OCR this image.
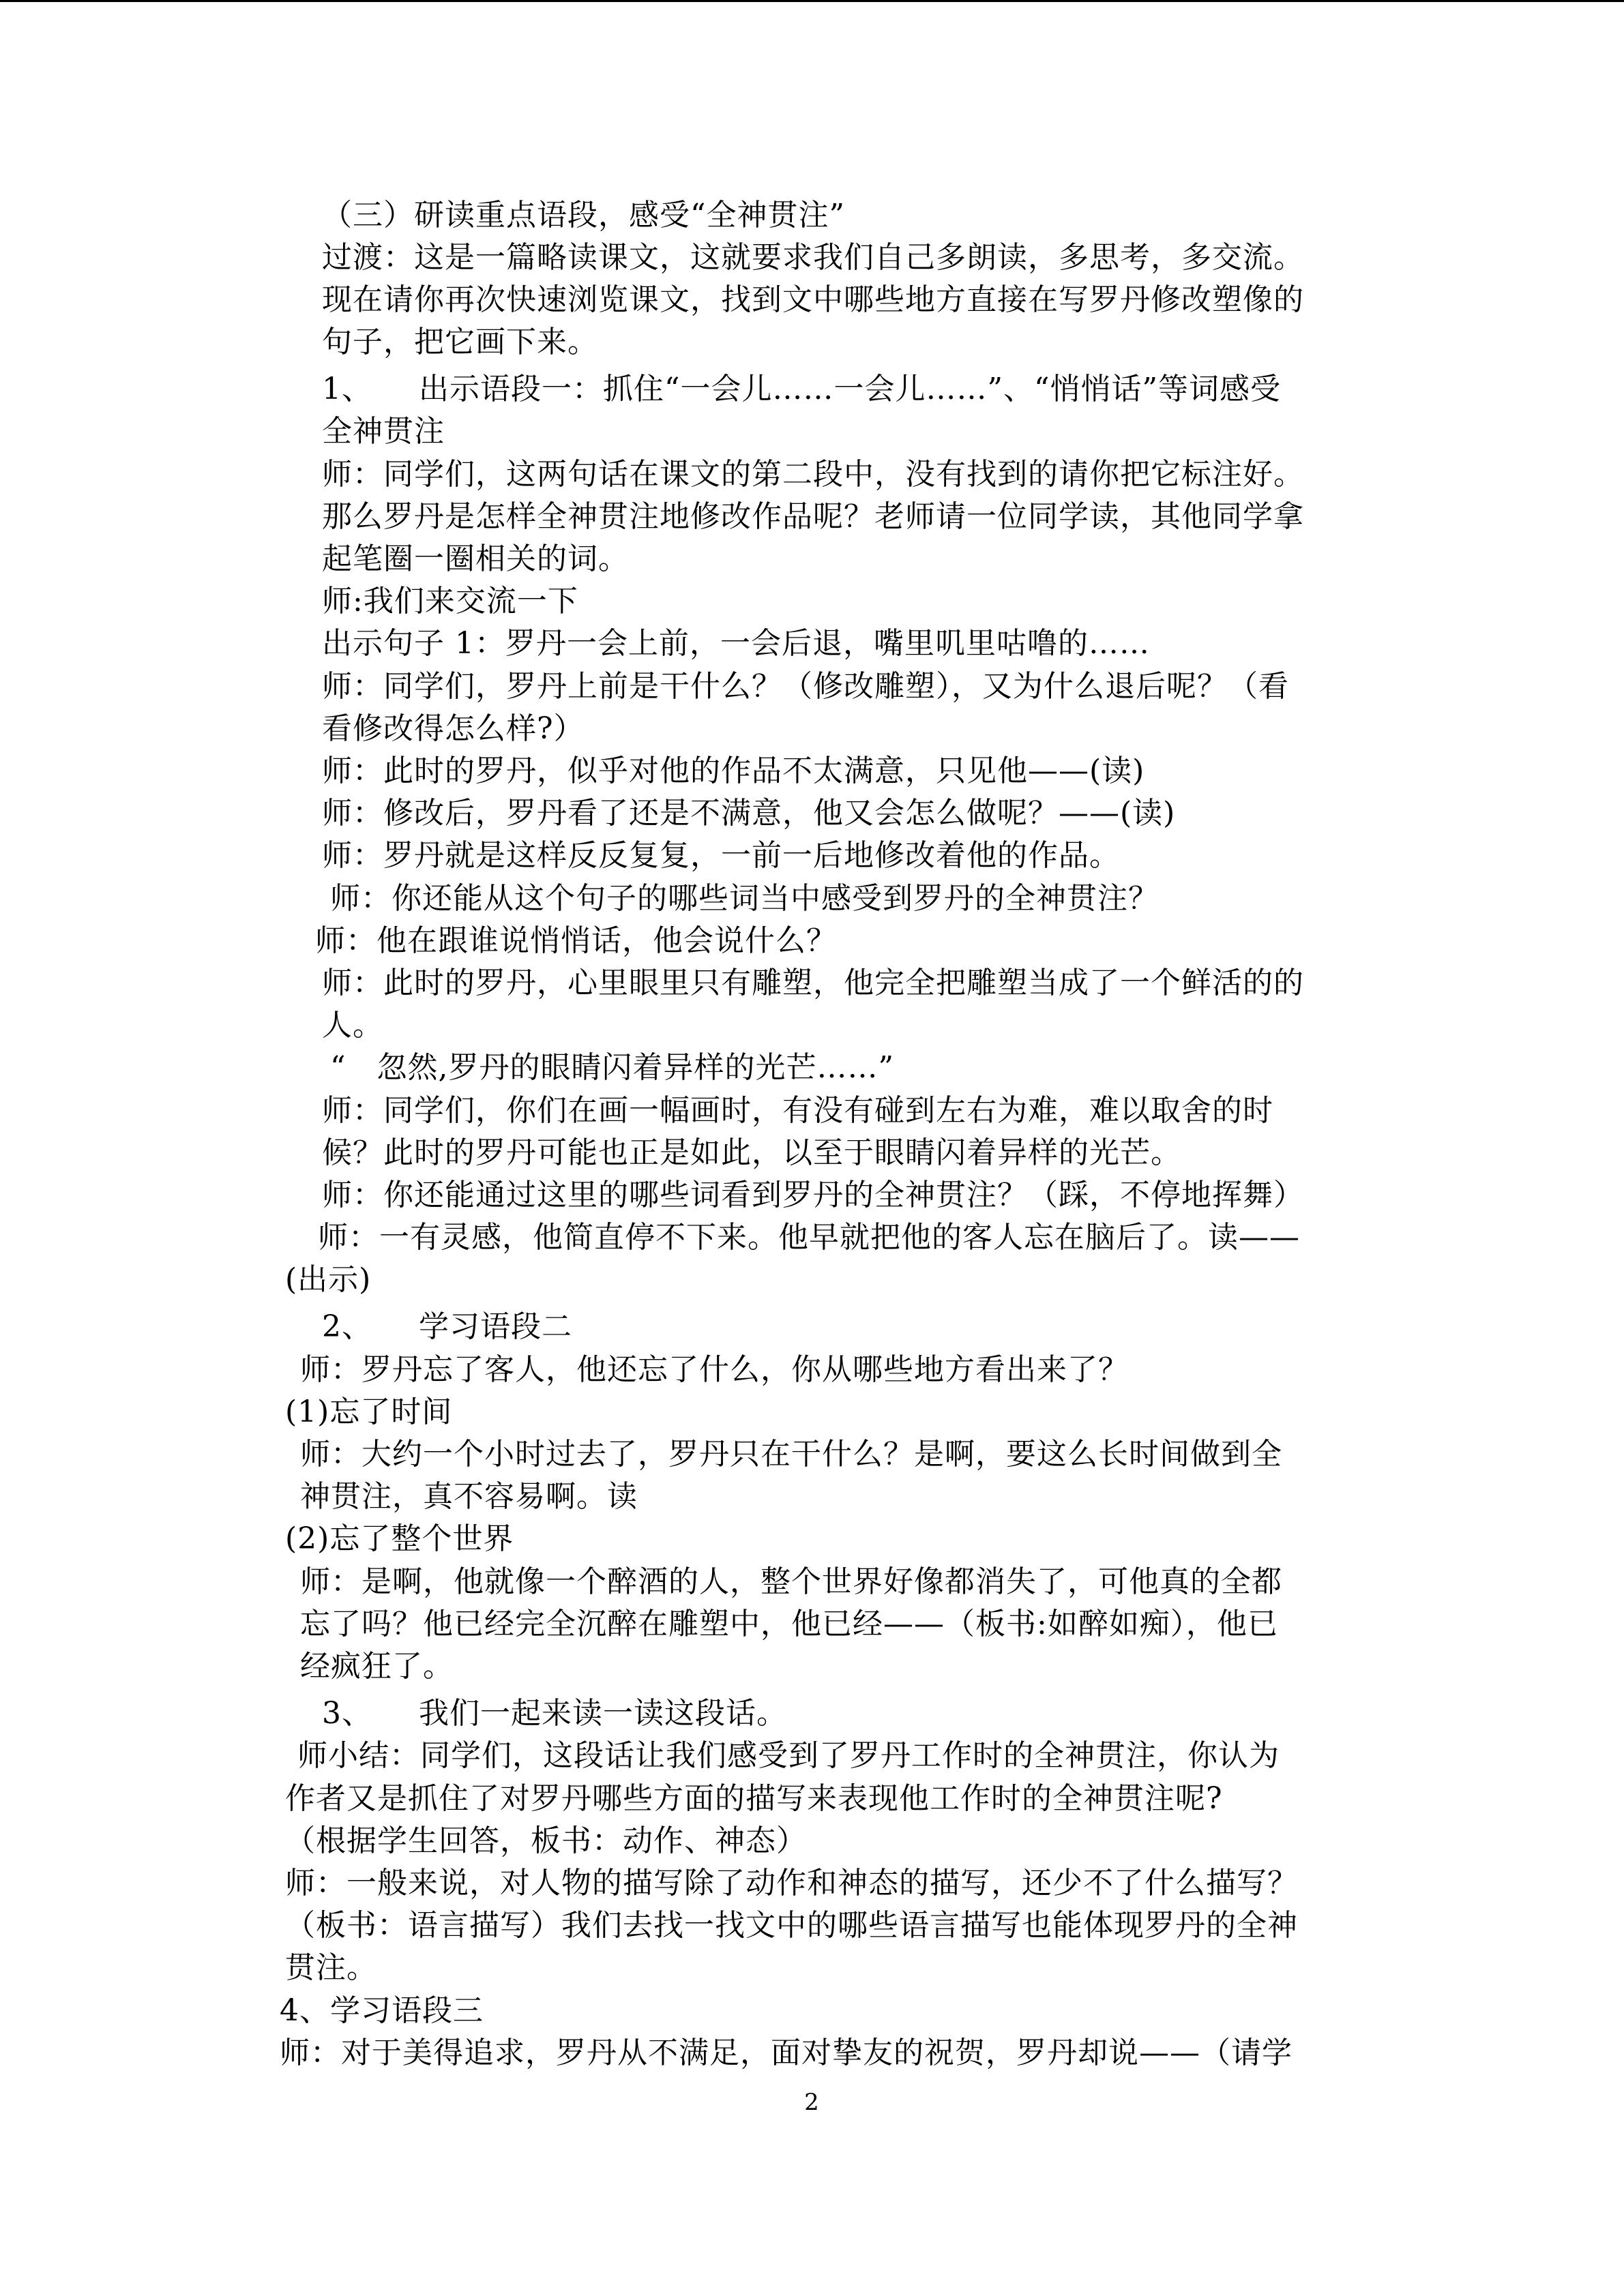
（三）研读重点语段，感受“全神贯注”
过渡：这是一篇略读课文，这就要求我们自己多朗读，多思考，多交流。
现在请你再次快速浏览课文，找到文中哪些地方直接在写罗丹修改塑像的
句子，把它画下来。
1、　　出示语段一：抓住“一会儿……一会儿……”、“悄悄话”等词感受
全神贯注
师：同学们，这两句话在课文的第二段中，没有找到的请你把它标注好。
那么罗丹是怎样全神贯注地修改作品呢？老师请一位同学读，其他同学拿
起笔圈一圈相关的词。
师:我们来交流一下
出示句子 1：罗丹一会上前，一会后退，嘴里叽里咕噜的……
师：同学们，罗丹上前是干什么？（修改雕塑），又为什么退后呢？（看
看修改得怎么样?）
师：此时的罗丹，似乎对他的作品不太满意，只见他——(读)
师：修改后，罗丹看了还是不满意，他又会怎么做呢？——(读)
师：罗丹就是这样反反复复，一前一后地修改着他的作品。
师：你还能从这个句子的哪些词当中感受到罗丹的全神贯注？
师：他在跟谁说悄悄话，他会说什么？
师：此时的罗丹，心里眼里只有雕塑，他完全把雕塑当成了一个鲜活的的
人。
“　忽然,罗丹的眼睛闪着异样的光芒……”
师：同学们，你们在画一幅画时，有没有碰到左右为难，难以取舍的时
候？此时的罗丹可能也正是如此，以至于眼睛闪着异样的光芒。
师：你还能通过这里的哪些词看到罗丹的全神贯注？（踩，不停地挥舞）
师：一有灵感，他简直停不下来。他早就把他的客人忘在脑后了。读——
(出示)
2、　　学习语段二
师：罗丹忘了客人，他还忘了什么，你从哪些地方看出来了？
(1)忘了时间
师：大约一个小时过去了，罗丹只在干什么？是啊，要这么长时间做到全
神贯注，真不容易啊。读
(2)忘了整个世界
师：是啊，他就像一个醉酒的人，整个世界好像都消失了，可他真的全都
忘了吗？他已经完全沉醉在雕塑中，他已经——（板书:如醉如痴），他已
经疯狂了。
3、　　我们一起来读一读这段话。
师小结：同学们，这段话让我们感受到了罗丹工作时的全神贯注，你认为
作者又是抓住了对罗丹哪些方面的描写来表现他工作时的全神贯注呢?
（根据学生回答，板书：动作、神态）
师：一般来说，对人物的描写除了动作和神态的描写，还少不了什么描写？
（板书：语言描写）我们去找一找文中的哪些语言描写也能体现罗丹的全神
贯注。
4、学习语段三
师：对于美得追求，罗丹从不满足，面对挚友的祝贺，罗丹却说——（请学
2
